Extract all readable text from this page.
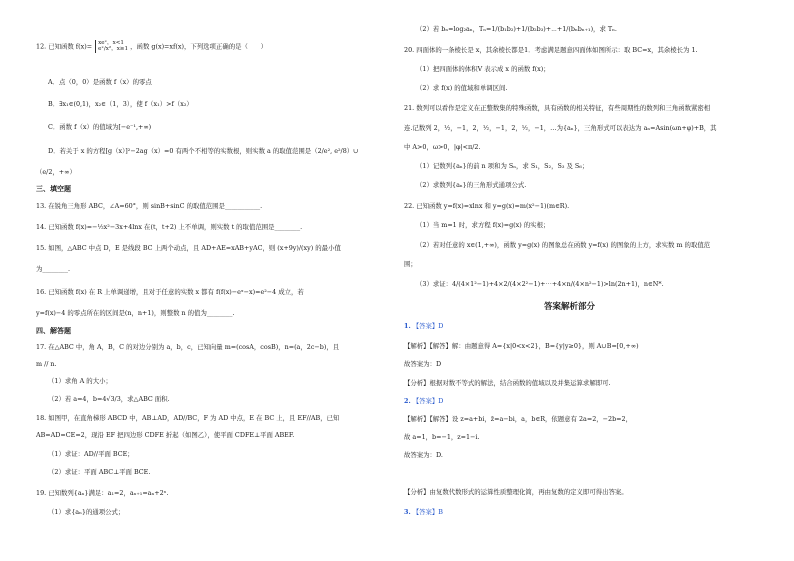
12. 已知函数 f(x)= xeˣ，x<1
eˣ/x²，x≥1 ，函数 g(x)=xf(x)，下列选项正确的是（　　）
A．点（0，0）是函数 f（x）的零点
B．∃x₁∈(0,1)，x₂∈（1，3），使 f（x₁）>f（x₂）
C．函数 f（x）的值域为[−e⁻¹,+∞)
D．若关于 x 的方程[g（x）]²−2ag（x）=0 有两个不相等的实数根，则实数 a 的取值范围是（2/e², e²/8）∪
（e/2，+∞）
三、填空题
13. 在锐角三角形 ABC，∠A=60°，则 sinB+sinC 的取值范围是___________.
14. 已知函数 f(x)=−½x²−3x+4lnx 在(t，t+2) 上不单调，则实数 t 的取值范围是________.
15. 如图，△ABC 中点 D，E 是线段 BC 上两个动点，且 AD+AE=xAB+yAC，则 (x+9y)/(xy) 的最小值
为________.
16. 已知函数 f(x) 在 R 上单调递增，且对于任意的实数 x 都有 f(f(x)−eˣ−x)=e²−4 成立，若
y=f(x)−4 的零点所在的区间是(n，n+1)，则整数 n 的值为________.
四、解答题
17. 在△ABC 中，角 A，B，C 的对边分别为 a，b，c，已知向量 m=(cosA，cosB)，n=(a，2c−b)，且
m // n.
（1）求角 A 的大小；
（2）若 a=4，b=4√3/3，求△ABC 面积.
18. 如图甲，在直角梯形 ABCD 中，AB⊥AD，AD//BC，F 为 AD 中点，E 在 BC 上，且 EF//AB，已知
AB=AD=CE=2，现沿 EF 把四边形 CDFE 折起（如图乙），使平面 CDFE⊥平面 ABEF.
（1）求证：AD//平面 BCE；
（2）求证：平面 ABC⊥平面 BCE.
19. 已知数列{aₙ}满足：a₁=2，aₙ₊₁=aₙ+2ⁿ.
（1）求{aₙ}的通项公式；
（2）若 bₙ=log₂aₙ，Tₙ=1/(b₁b₂)+1/(b₂b₃)+⋯+1/(bₙbₙ₊₁)，求 Tₙ.
20. 四面体的一条棱长是 x，其余棱长都是1．考虑满足题意四面体如图所示：取 BC=x，其余棱长为 1.
（1）把四面体的体积V 表示成 x 的函数 f(x)；
（2）求 f(x) 的值域和单调区间.
21. 数列可以看作是定义在正整数集的特殊函数，具有函数的相关特征，有些周期性的数列和三角函数紧密相
连.记数列 2，½，−1，2，½，−1，2，½，−1，…为{aₙ}，三角形式可以表达为 aₙ=Asin(ωn+φ)+B，其
中 A>0，ω>0，|φ|<π/2.
（1）记数列{aₙ}的前 n 项和为 Sₙ，求 S₁，S₂，S₃ 及 S₆；
（2）求数列{aₙ}的三角形式通项公式.
22. 已知函数 y=f(x)=xlnx 和 y=g(x)=m(x²−1)(m∈R).
（1）当 m=1 时，求方程 f(x)=g(x) 的实根；
（2）若对任意的 x∈(1,+∞)，函数 y=g(x) 的图象总在函数 y=f(x) 的图象的上方，求实数 m 的取值范
围；
（3）求证：4/(4×1²−1)+4×2/(4×2²−1)+⋯+4×n/(4×n²−1)>ln(2n+1)，n∈N*.
答案解析部分
1. 【答案】D
【解析】【解答】解：由题意得 A={x|0<x<2}，B={y|y≥0}，则 A∪B=[0,+∞)
故答案为：D
【分析】根据对数不等式的解法，结合函数的值域以及并集运算求解即可.
2. 【答案】D
【解析】【解答】设 z=a+bi，z̄=a−bi，a，b∈R，依题意有 2a=2，−2b=2，
故 a=1，b=−1，z=1−i.
故答案为：D.
【分析】由复数代数形式的运算性质整理化简，再由复数的定义即可得出答案。
3. 【答案】B
